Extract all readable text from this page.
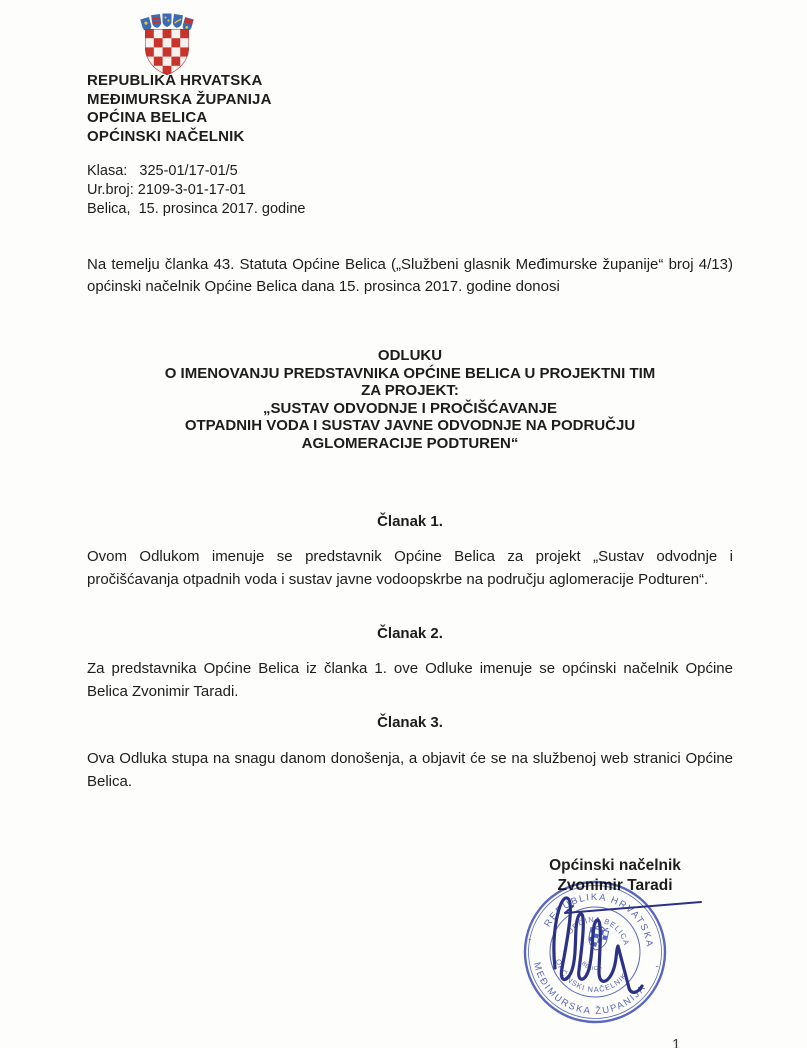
REPUBLIKA HRVATSKA
MEĐIMURSKA ŽUPANIJA
OPĆINA BELICA
OPĆINSKI NAČELNIK
Klasa:   325-01/17-01/5
Ur.broj: 2109-3-01-17-01
Belica,  15. prosinca 2017. godine
Na temelju članka 43. Statuta Općine Belica („Službeni glasnik Međimurske županije“ broj 4/13) općinski načelnik Općine Belica dana 15. prosinca 2017. godine donosi
ODLUKU
O IMENOVANJU PREDSTAVNIKA OPĆINE BELICA U PROJEKTNI TIM
ZA PROJEKT:
„SUSTAV ODVODNJE I PROČIŠĆAVANJE
OTPADNIH VODA I SUSTAV JAVNE ODVODNJE NA PODRUČJU
AGLOMERACIJE PODTUREN“
Članak 1.
Ovom Odlukom imenuje se predstavnik Općine Belica za projekt „Sustav odvodnje i pročišćavanja otpadnih voda i sustav javne vodoopskrbe na području aglomeracije Podturen“.
Članak 2.
Za predstavnika Općine Belica iz članka 1. ove Odluke imenuje se općinski načelnik Općine Belica Zvonimir Taradi.
Članak 3.
Ova Odluka stupa na snagu danom donošenja, a objavit će se na službenoj web stranici Općine Belica.
Općinski načelnik
Zvonimir Taradi
REPUBLIKA HRVATSKA
MEĐIMURSKA ŽUPANIJA
OPĆINA BELICA
OPĆINSKI NAČELNIK
BELICA
-
-
1
